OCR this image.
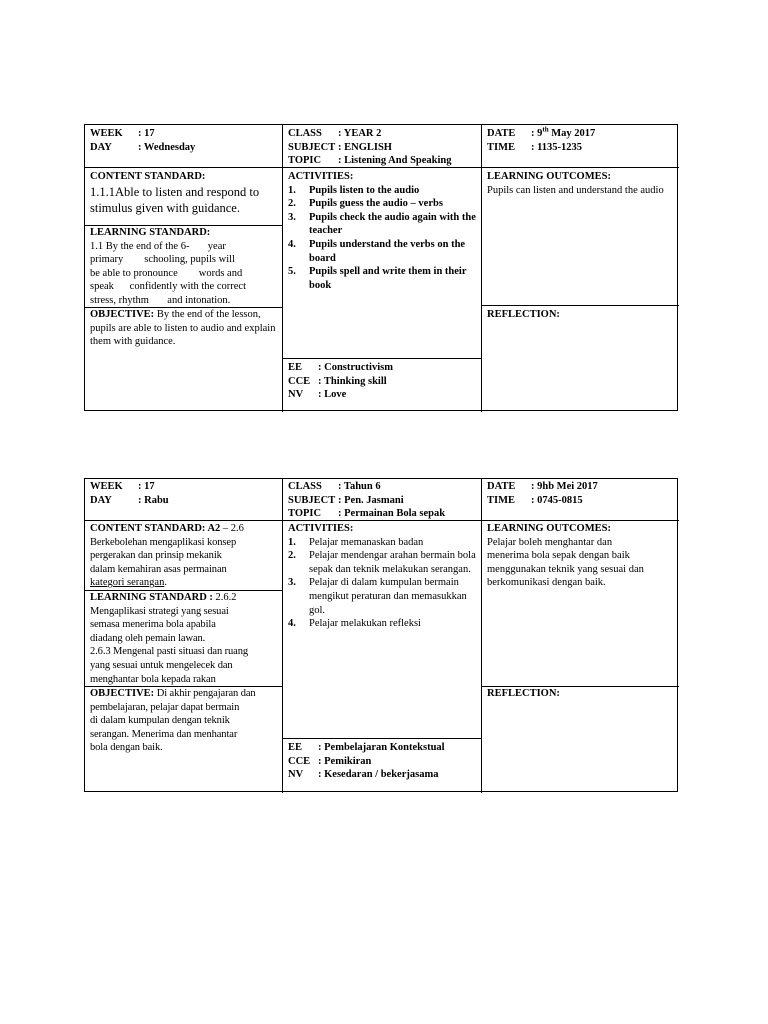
WEEK	: 17
DAY	: Wednesday
CLASS	: YEAR 2
SUBJECT : ENGLISH
TOPIC	: Listening And Speaking
DATE	: 9th May 2017
TIME	: 1135-1235
CONTENT STANDARD:
1.1.1Able to listen and respond to stimulus given with guidance.
LEARNING STANDARD:
1.1 By the end of the 6-       year
primary        schooling, pupils will
be able to pronounce        words and
speak      confidently with the correct
stress, rhythm       and intonation.
OBJECTIVE: By the end of the lesson, pupils are able to listen to audio and explain them with guidance.
ACTIVITIES:
1.	Pupils listen to the audio
2.	Pupils guess the audio – verbs
3.	Pupils check the audio again with the teacher
4.	Pupils understand the verbs on the board
5.	Pupils spell and write them in their book
EE	: Constructivism
CCE : Thinking skill
NV	: Love
LEARNING OUTCOMES:
Pupils can listen and understand the audio
REFLECTION:
WEEK	: 17
DAY	: Rabu
CLASS	: Tahun 6
SUBJECT : Pen. Jasmani
TOPIC	: Permainan Bola sepak
DATE	: 9hb Mei 2017
TIME	: 0745-0815
CONTENT STANDARD: A2 – 2.6
Berkebolehan mengaplikasi konsep
pergerakan dan prinsip mekanik
dalam kemahiran asas permainan
kategori serangan.
LEARNING STANDARD : 2.6.2
Mengaplikasi strategi yang sesuai
semasa menerima bola apabila
diadang oleh pemain lawan.
2.6.3 Mengenal pasti situasi dan ruang
yang sesuai untuk mengelecek dan
menghantar bola kepada rakan
OBJECTIVE: Di akhir pengajaran dan
pembelajaran, pelajar dapat bermain
di dalam kumpulan dengan teknik
serangan. Menerima dan menhantar
bola dengan baik.
ACTIVITIES:
1.	Pelajar memanaskan badan
2.	Pelajar mendengar arahan bermain bola sepak dan teknik melakukan serangan.
3.	Pelajar di dalam kumpulan bermain mengikut peraturan dan memasukkan gol.
4.	Pelajar melakukan refleksi
EE	: Pembelajaran Kontekstual
CCE : Pemikiran
NV	: Kesedaran / bekerjasama
LEARNING OUTCOMES:
Pelajar boleh menghantar dan
menerima bola sepak dengan baik
menggunakan teknik yang sesuai dan
berkomunikasi dengan baik.
REFLECTION:
